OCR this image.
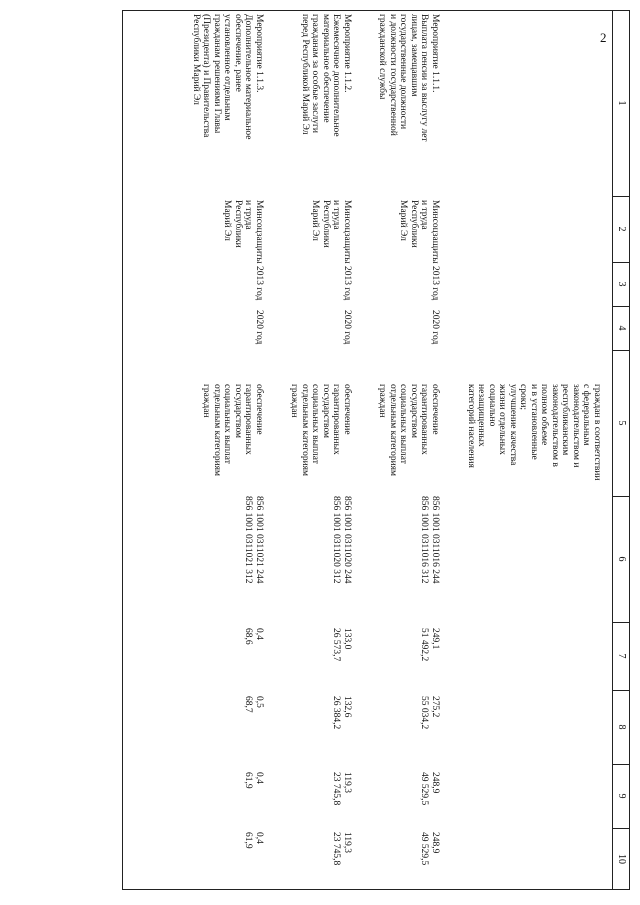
2
1
2
3
4
5
6
7
8
9
10
граждан в соответствии
с федеральным
законодательством и
республиканским
законодательством в
полном объеме
и в установленные
сроки;
улучшение качества
жизни отдельных
социально
незащищенных
категорий населения
Мероприятие 1.1.1.
Выплата пенсии за выслугу лет
лицам, замещавшим
государственные должности
и должности государственной
гражданской службы
Минсоцзащиты
и труда
Республики
Марий Эл
2013 год
2020 год
обеспечение
гарантированных
государством
социальных выплат
отдельным категориям
граждан
856 1001 0311016 244
856 1001 0311016 312
249,1
51 492,2
275,2
55 034,2
248,9
49 529,5
248,9
49 529,5
Мероприятие 1.1.2.
Ежемесячное дополнительное
материальное обеспечение
гражданам за особые заслуги
перед Республикой Марий Эл
Минсоцзащиты
и труда
Республики
Марий Эл
2013 год
2020 год
обеспечение
гарантированных
государством
социальных выплат
отдельным категориям
граждан
856 1001 0311020 244
856 1001 0311020 312
133,0
26 573,7
132,6
26 384,2
119,3
23 745,8
119,3
23 745,8
Мероприятие 1.1.3.
Дополнительное материальное
обеспечение, ранее
установленное отдельным
гражданам решениями Главы
(Президента) и Правительства
Республики Марий Эл
Минсоцзащиты
и труда
Республики
Марий Эл
2013 год
2020 год
обеспечение
гарантированных
государством
социальных выплат
отдельным категориям
граждан
856 1001 0311021 244
856 1001 0311021 312
0,4
68,6
0,5
68,7
0,4
61,9
0,4
61,9
